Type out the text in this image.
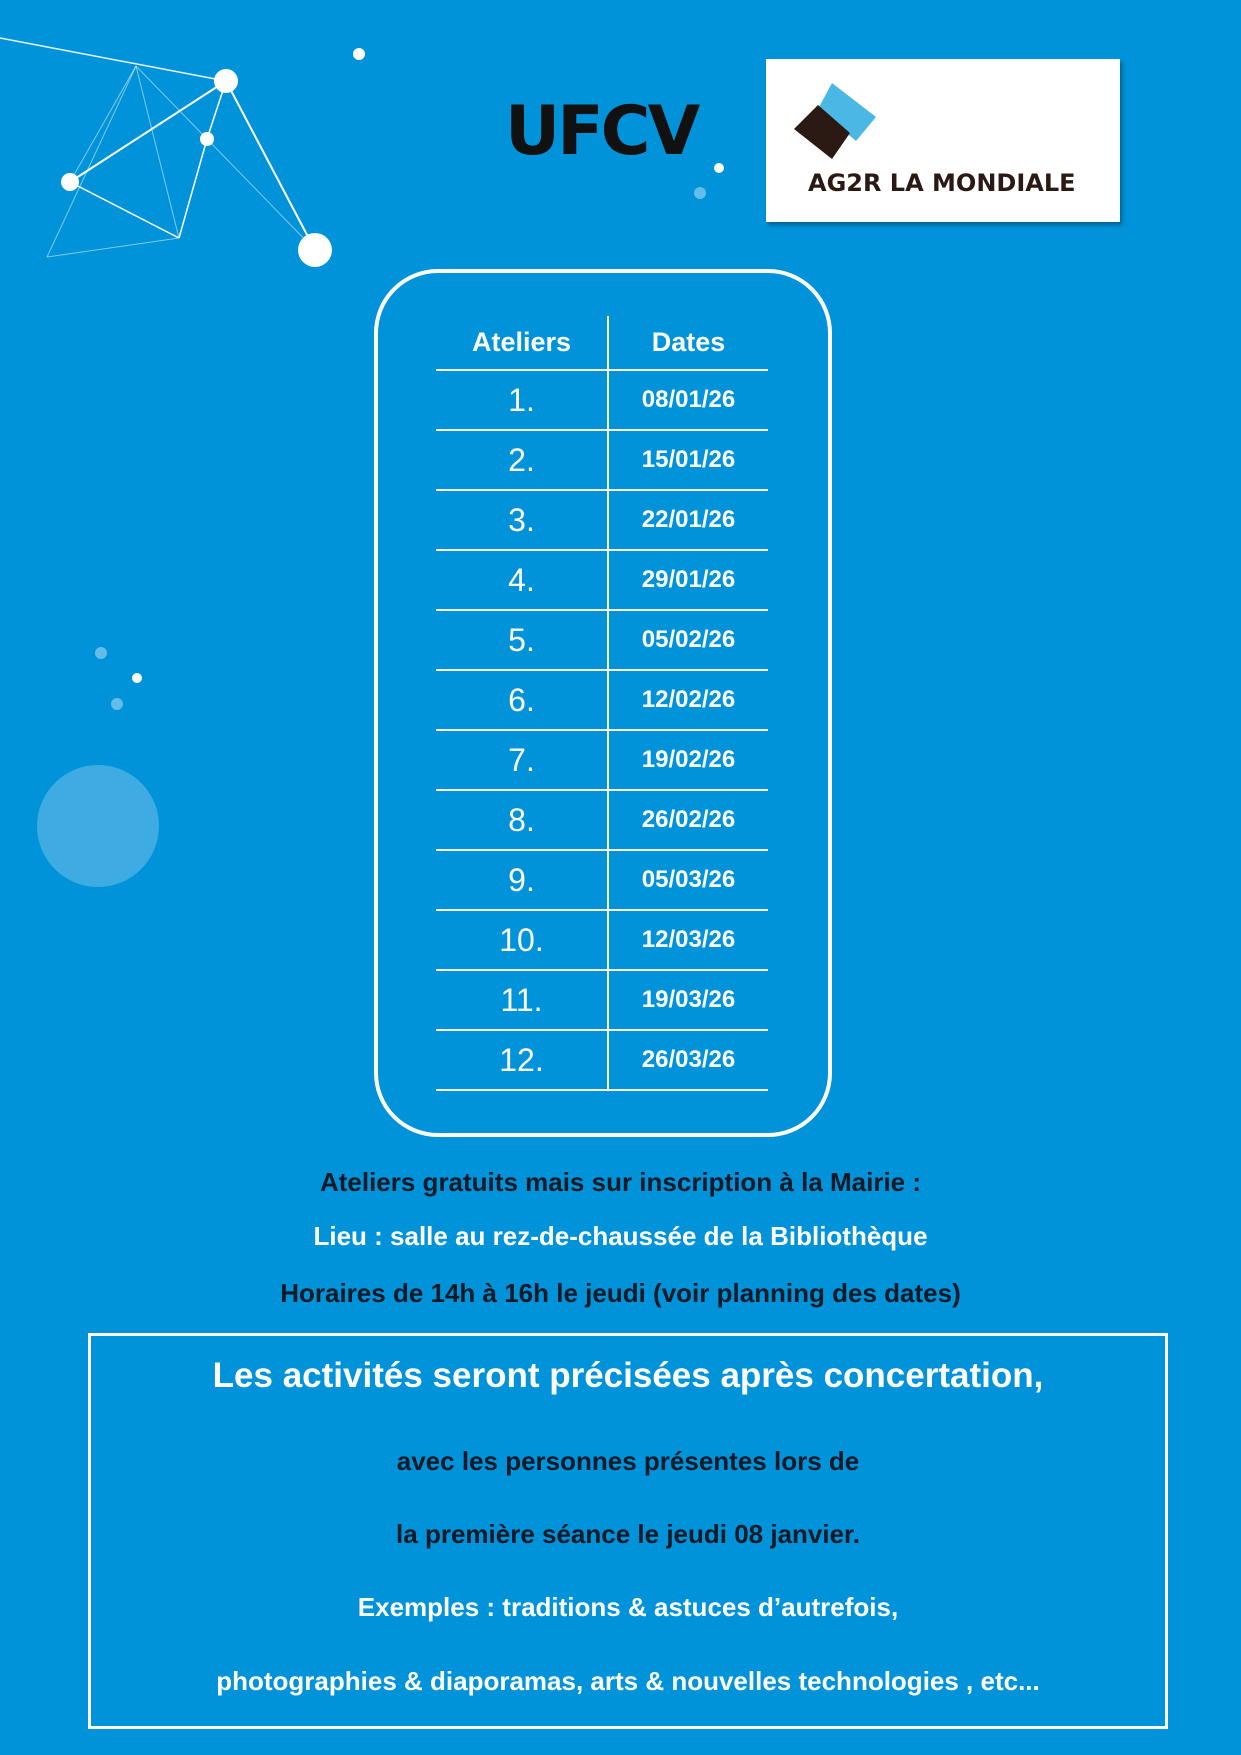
UFCV
AG2R LA MONDIALE
Ateliers	Dates
1.	08/01/26
2.	15/01/26
3.	22/01/26
4.	29/01/26
5.	05/02/26
6.	12/02/26
7.	19/02/26
8.	26/02/26
9.	05/03/26
10.	12/03/26
11.	19/03/26
12.	26/03/26
Ateliers gratuits mais sur inscription à la Mairie :
Lieu : salle au rez-de-chaussée de la Bibliothèque
Horaires de 14h à 16h le jeudi (voir planning des dates)
Les activités seront précisées après concertation,
avec les personnes présentes lors de
la première séance le jeudi 08 janvier.
Exemples : traditions & astuces d’autrefois,
photographies & diaporamas, arts & nouvelles technologies , etc...
